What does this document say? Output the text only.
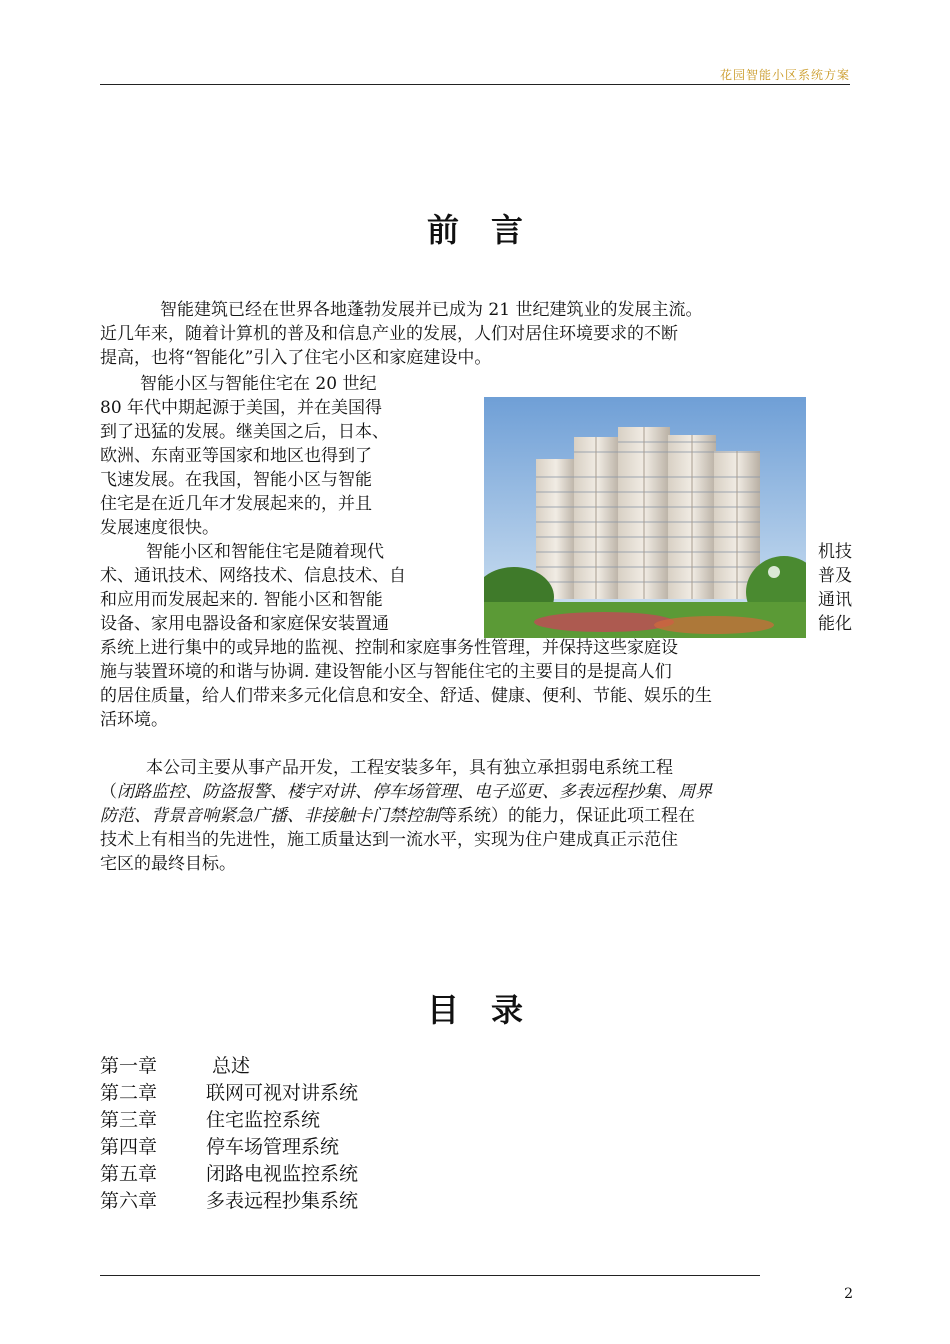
花园智能小区系统方案
前　言
智能建筑已经在世界各地蓬勃发展并已成为 21 世纪建筑业的发展主流。
近几年来，随着计算机的普及和信息产业的发展，人们对居住环境要求的不断
提高，也将“智能化”引入了住宅小区和家庭建设中。
智能小区与智能住宅在 20 世纪
80 年代中期起源于美国，并在美国得
到了迅猛的发展。继美国之后，日本、
欧洲、东南亚等国家和地区也得到了
飞速发展。在我国，智能小区与智能
住宅是在近几年才发展起来的，并且
发展速度很快。
智能小区和智能住宅是随着现代
术、通讯技术、网络技术、信息技术、自
和应用而发展起来的. 智能小区和智能
设备、家用电器设备和家庭保安装置通
机技
普及
通讯
能化
系统上进行集中的或异地的监视、控制和家庭事务性管理，并保持这些家庭设
施与装置环境的和谐与协调. 建设智能小区与智能住宅的主要目的是提高人们
的居住质量，给人们带来多元化信息和安全、舒适、健康、便利、节能、娱乐的生
活环境。
本公司主要从事产品开发，工程安装多年，具有独立承担弱电系统工程
（闭路监控、防盗报警、楼宇对讲、停车场管理、电子巡更、多表远程抄集、周界
防范、背景音响紧急广播、非接触卡门禁控制等系统）的能力，保证此项工程在
技术上有相当的先进性，施工质量达到一流水平，实现为住户建成真正示范住
宅区的最终目标。
目　录
第一章	总述
第二章	联网可视对讲系统
第三章	住宅监控系统
第四章	停车场管理系统
第五章	闭路电视监控系统
第六章	多表远程抄集系统
2
